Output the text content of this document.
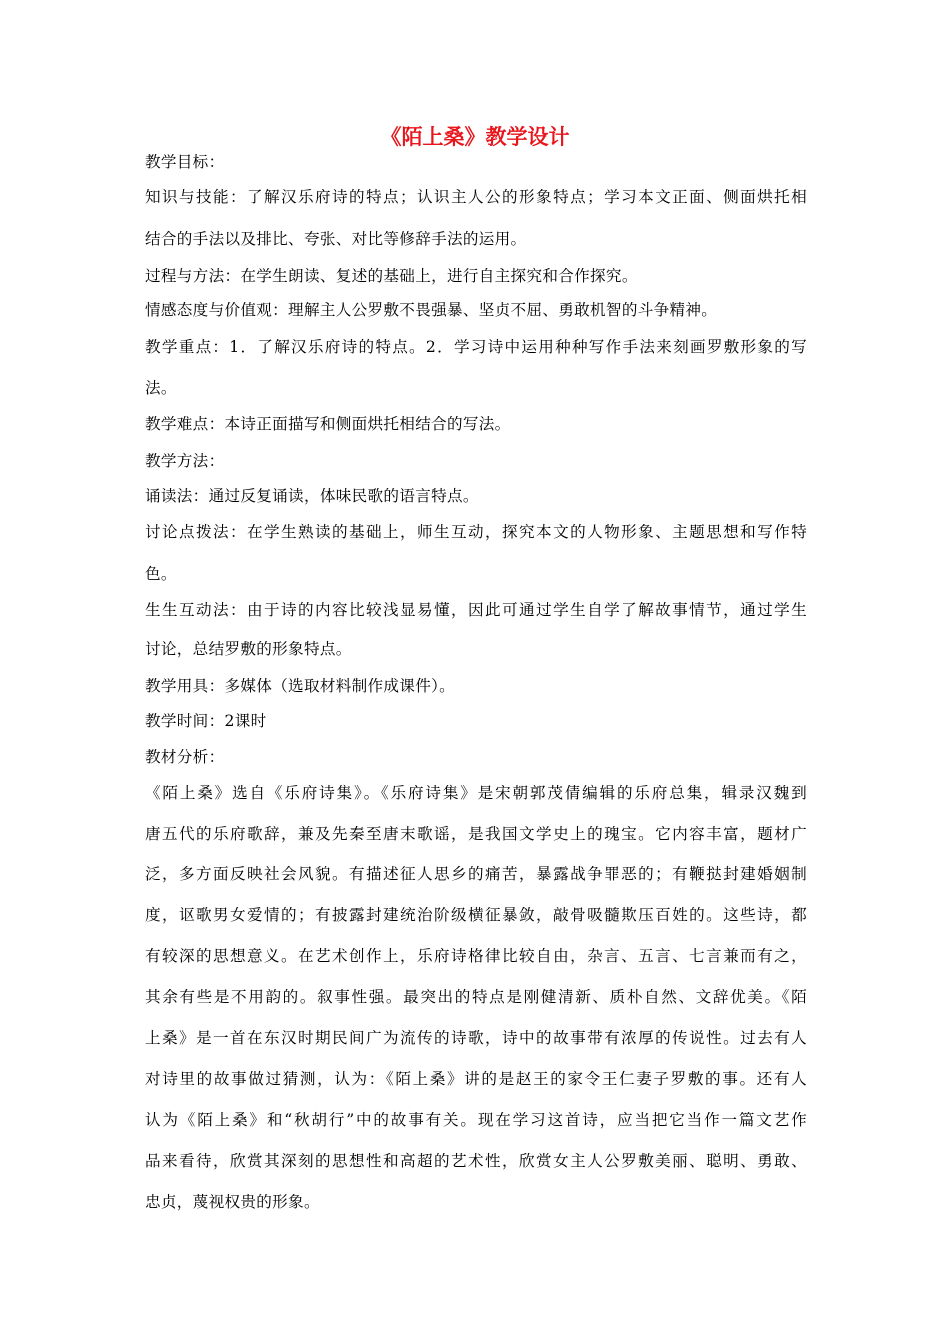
《陌上桑》教学设计
教学目标：
知识与技能：了解汉乐府诗的特点；认识主人公的形象特点；学习本文正面、侧面烘托相
结合的手法以及排比、夸张、对比等修辞手法的运用。
过程与方法：在学生朗读、复述的基础上，进行自主探究和合作探究。
情感态度与价值观：理解主人公罗敷不畏强暴、坚贞不屈、勇敢机智的斗争精神。
教学重点：1．了解汉乐府诗的特点。2．学习诗中运用种种写作手法来刻画罗敷形象的写
法。
教学难点：本诗正面描写和侧面烘托相结合的写法。
教学方法：
诵读法：通过反复诵读，体味民歌的语言特点。
讨论点拨法：在学生熟读的基础上，师生互动，探究本文的人物形象、主题思想和写作特
色。
生生互动法：由于诗的内容比较浅显易懂，因此可通过学生自学了解故事情节，通过学生
讨论，总结罗敷的形象特点。
教学用具：多媒体（选取材料制作成课件）。
教学时间：2课时
教材分析：
《陌上桑》选自《乐府诗集》。《乐府诗集》是宋朝郭茂倩编辑的乐府总集，辑录汉魏到
唐五代的乐府歌辞，兼及先秦至唐末歌谣，是我国文学史上的瑰宝。它内容丰富，题材广
泛，多方面反映社会风貌。有描述征人思乡的痛苦，暴露战争罪恶的；有鞭挞封建婚姻制
度，讴歌男女爱情的；有披露封建统治阶级横征暴敛，敲骨吸髓欺压百姓的。这些诗，都
有较深的思想意义。在艺术创作上，乐府诗格律比较自由，杂言、五言、七言兼而有之，
其余有些是不用韵的。叙事性强。最突出的特点是刚健清新、质朴自然、文辞优美。《陌
上桑》是一首在东汉时期民间广为流传的诗歌，诗中的故事带有浓厚的传说性。过去有人
对诗里的故事做过猜测，认为：《陌上桑》讲的是赵王的家令王仁妻子罗敷的事。还有人
认为《陌上桑》和“秋胡行”中的故事有关。现在学习这首诗，应当把它当作一篇文艺作
品来看待，欣赏其深刻的思想性和高超的艺术性，欣赏女主人公罗敷美丽、聪明、勇敢、
忠贞，蔑视权贵的形象。
